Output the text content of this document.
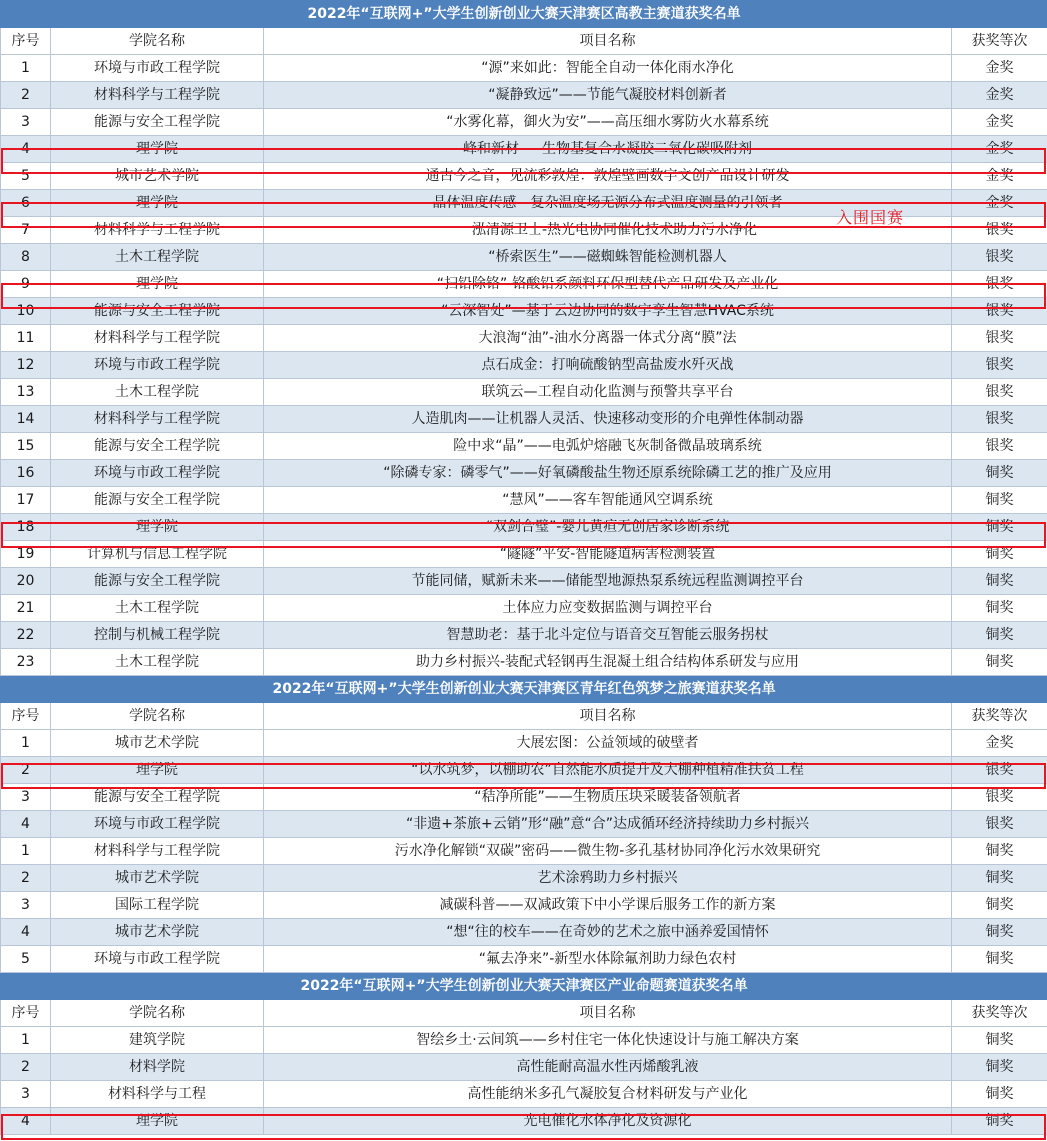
2022年“互联网+”大学生创新创业大赛天津赛区高教主赛道获奖名单			
序号	学院名称	项目名称	获奖等次
1	环境与市政工程学院	“源”来如此：智能全自动一体化雨水净化	金奖
2	材料科学与工程学院	“凝静致远”——节能气凝胶材料创新者	金奖
3	能源与安全工程学院	“水雾化幕，御火为安”——高压细水雾防火水幕系统	金奖
4	理学院	峰和新材 — 生物基复合水凝胶二氧化碳吸附剂	金奖
5	城市艺术学院	通古今之音，见流彩敦煌：敦煌壁画数字文创产品设计研发	金奖
6	理学院	晶体温度传感—复杂温度场无源分布式温度测量的引领者	金奖
7	材料科学与工程学院	一泓清源卫士-热光电协同催化技术助力污水净化	银奖
8	土木工程学院	“桥索医生”——磁蜘蛛智能检测机器人	银奖
9	理学院	“扫铅除铬”-铬酸铅系颜料环保型替代产品研发及产业化	银奖
10	能源与安全工程学院	“云深智处”—基于云边协同的数字孪生智慧HVAC系统	银奖
11	材料科学与工程学院	大浪淘“油”-油水分离器一体式分离“膜”法	银奖
12	环境与市政工程学院	点石成金：打响硫酸钠型高盐废水歼灭战	银奖
13	土木工程学院	联筑云—工程自动化监测与预警共享平台	银奖
14	材料科学与工程学院	人造肌肉——让机器人灵活、快速移动变形的介电弹性体制动器	银奖
15	能源与安全工程学院	险中求“晶”——电弧炉熔融飞灰制备微晶玻璃系统	银奖
16	环境与市政工程学院	“除磷专家：磷零气”——好氧磷酸盐生物还原系统除磷工艺的推广及应用	铜奖
17	能源与安全工程学院	“慧风”——客车智能通风空调系统	铜奖
18	理学院	“双剑合璧”-婴儿黄疸无创居家诊断系统	铜奖
19	计算机与信息工程学院	“隧隧”平安-智能隧道病害检测装置	铜奖
20	能源与安全工程学院	节能同储，赋新未来——储能型地源热泵系统远程监测调控平台	铜奖
21	土木工程学院	土体应力应变数据监测与调控平台	铜奖
22	控制与机械工程学院	智慧助老：基于北斗定位与语音交互智能云服务拐杖	铜奖
23	土木工程学院	助力乡村振兴-装配式轻钢再生混凝土组合结构体系研发与应用	铜奖
2022年“互联网+”大学生创新创业大赛天津赛区青年红色筑梦之旅赛道获奖名单			
序号	学院名称	项目名称	获奖等次
1	城市艺术学院	大展宏图：公益领域的破壁者	金奖
2	理学院	“以水筑梦，以棚助农”自然能水质提升及大棚种植精准扶贫工程	银奖
3	能源与安全工程学院	“秸净所能”——生物质压块采暖装备领航者	银奖
4	环境与市政工程学院	“非遗+茶旅+云销”形“融”意“合”达成循环经济持续助力乡村振兴	银奖
1	材料科学与工程学院	污水净化解锁“双碳”密码——微生物-多孔基材协同净化污水效果研究	铜奖
2	城市艺术学院	艺术涂鸦助力乡村振兴	铜奖
3	国际工程学院	减碳科普——双减政策下中小学课后服务工作的新方案	铜奖
4	城市艺术学院	“想“往的校车——在奇妙的艺术之旅中涵养爱国情怀	铜奖
5	环境与市政工程学院	“氟去净来”-新型水体除氟剂助力绿色农村	铜奖
2022年“互联网+”大学生创新创业大赛天津赛区产业命题赛道获奖名单			
序号	学院名称	项目名称	获奖等次
1	建筑学院	智绘乡土·云间筑——乡村住宅一体化快速设计与施工解决方案	铜奖
2	材料学院	高性能耐高温水性丙烯酸乳液	铜奖
3	材料科学与工程	高性能纳米多孔气凝胶复合材料研发与产业化	铜奖
4	理学院	光电催化水体净化及资源化	铜奖
入围国赛
